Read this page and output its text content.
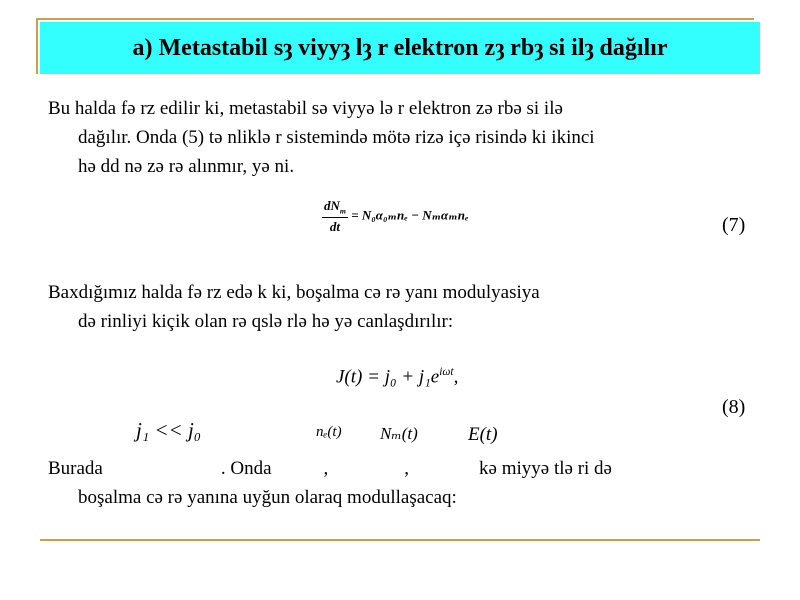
a) Metastabil sȝ viyyȝ lȝ r elektron zȝ rbȝ si ilȝ dağılır
Bu halda fә rz edilir ki, metastabil sә viyyә lә r elektron zә rbә si ilә
dağılır. Onda (5) tә nliklә r sistemindә mötә rizә içә risindә ki ikinci
hә dd nә zә rә alınmır, yә ni.
$\frac{dN_m}{dt} = N_0\alpha_{0m}n_e - N_m\alpha_mn_e$	(7)
Baxdığımız halda fә rz edә k ki, boşalma cә rә yanı modulyasiya
dә rinliyi kiçik olan rә qslә rlә hә yә canlaşdırılır:
$J(t) = j_0 + j_1e^{i\omega t}$,
(8)
j₁ << j₀	nₑ(t) Nₘ(t)	E(t)
Burada	. Onda	,	,	kә miyyә tlә ri dә
boşalma cә rә yanına uyğun olaraq modullaşacaq:
